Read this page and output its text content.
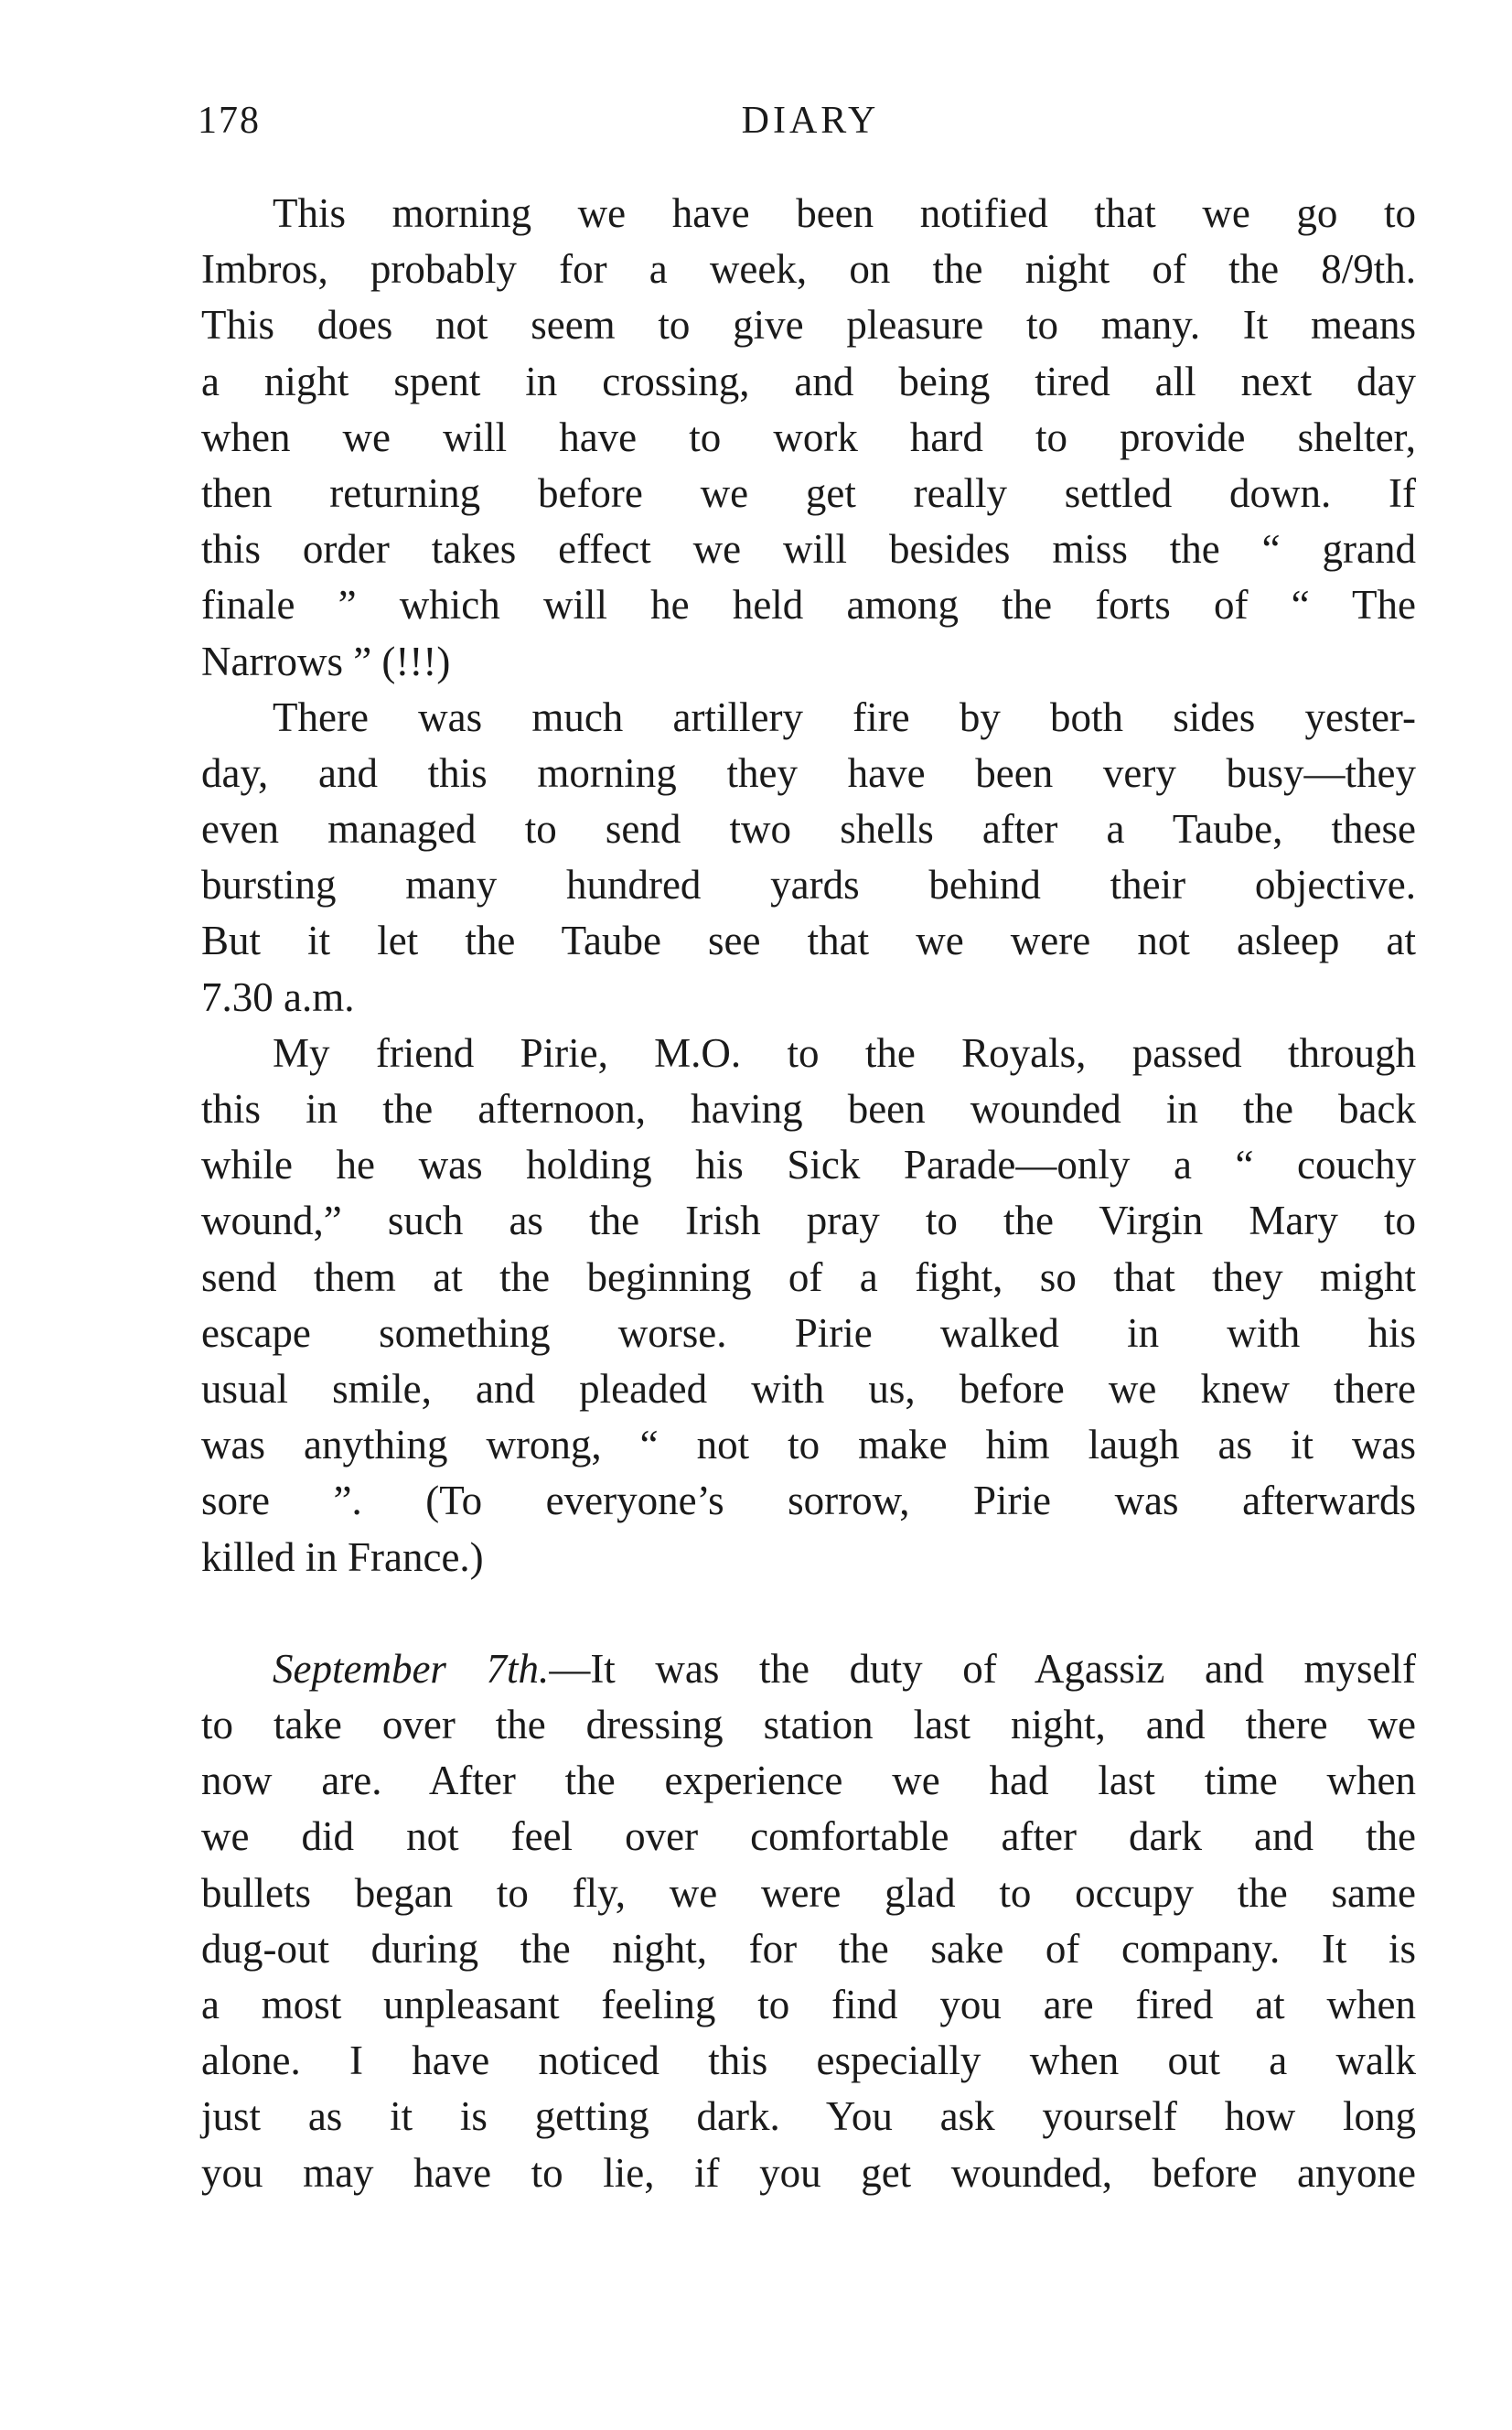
178	DIARY
This morning we have been notified that we go to
Imbros, probably for a week, on the night of the 8/9th.
This does not seem to give pleasure to many. It means
a night spent in crossing, and being tired all next day
when we will have to work hard to provide shelter,
then returning before we get really settled down. If
this order takes effect we will besides miss the “ grand
finale ” which will he held among the forts of “ The
Narrows ” (!!!)
There was much artillery fire by both sides yester-
day, and this morning they have been very busy—they
even managed to send two shells after a Taube, these
bursting many hundred yards behind their objective.
But it let the Taube see that we were not asleep at
7.30 a.m.
My friend Pirie, M.O. to the Royals, passed through
this in the afternoon, having been wounded in the back
while he was holding his Sick Parade—only a “ couchy
wound,” such as the Irish pray to the Virgin Mary to
send them at the beginning of a fight, so that they might
escape something worse. Pirie walked in with his
usual smile, and pleaded with us, before we knew there
was anything wrong, “ not to make him laugh as it was
sore ”. (To everyone’s sorrow, Pirie was afterwards
killed in France.)
September 7th.—It was the duty of Agassiz and myself
to take over the dressing station last night, and there we
now are. After the experience we had last time when
we did not feel over comfortable after dark and the
bullets began to fly, we were glad to occupy the same
dug-out during the night, for the sake of company. It is
a most unpleasant feeling to find you are fired at when
alone. I have noticed this especially when out a walk
just as it is getting dark. You ask yourself how long
you may have to lie, if you get wounded, before anyone
